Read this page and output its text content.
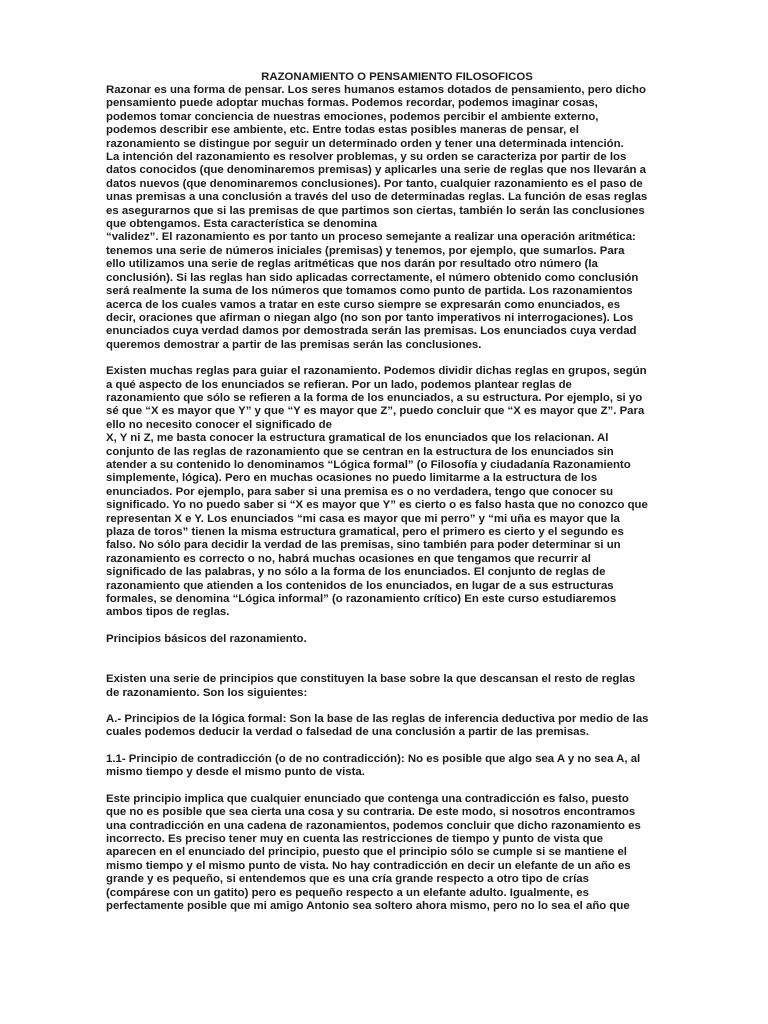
RAZONAMIENTO O PENSAMIENTO FILOSOFICOS

Razonar es una forma de pensar. Los seres humanos estamos dotados de pensamiento, pero dicho
pensamiento puede adoptar muchas formas. Podemos recordar, podemos imaginar cosas,
podemos tomar conciencia de nuestras emociones, podemos percibir el ambiente externo,
podemos describir ese ambiente, etc. Entre todas estas posibles maneras de pensar, el
razonamiento se distingue por seguir un determinado orden y tener una determinada intención.
La intención del razonamiento es resolver problemas, y su orden se caracteriza por partir de los
datos conocidos (que denominaremos premisas) y aplicarles una serie de reglas que nos llevarán a
datos nuevos (que denominaremos conclusiones). Por tanto, cualquier razonamiento es el paso de
unas premisas a una conclusión a través del uso de determinadas reglas. La función de esas reglas
es asegurarnos que si las premisas de que partimos son ciertas, también lo serán las conclusiones
que obtengamos. Esta característica se denomina
“validez”. El razonamiento es por tanto un proceso semejante a realizar una operación aritmética:
tenemos una serie de números iniciales (premisas) y tenemos, por ejemplo, que sumarlos. Para
ello utilizamos una serie de reglas aritméticas que nos darán por resultado otro número (la
conclusión). Si las reglas han sido aplicadas correctamente, el número obtenido como conclusión
será realmente la suma de los números que tomamos como punto de partida. Los razonamientos
acerca de los cuales vamos a tratar en este curso siempre se expresarán como enunciados, es
decir, oraciones que afirman o niegan algo (no son por tanto imperativos ni interrogaciones). Los
enunciados cuya verdad damos por demostrada serán las premisas. Los enunciados cuya verdad
queremos demostrar a partir de las premisas serán las conclusiones.

Existen muchas reglas para guiar el razonamiento. Podemos dividir dichas reglas en grupos, según
a qué aspecto de los enunciados se refieran. Por un lado, podemos plantear reglas de
razonamiento que sólo se refieren a la forma de los enunciados, a su estructura. Por ejemplo, si yo
sé que “X es mayor que Y” y que “Y es mayor que Z”, puedo concluir que “X es mayor que Z”. Para
ello no necesito conocer el significado de
X, Y ni Z, me basta conocer la estructura gramatical de los enunciados que los relacionan. Al
conjunto de las reglas de razonamiento que se centran en la estructura de los enunciados sin
atender a su contenido lo denominamos “Lógica formal” (o Filosofía y ciudadanía Razonamiento
simplemente, lógica). Pero en muchas ocasiones no puedo limitarme a la estructura de los
enunciados. Por ejemplo, para saber si una premisa es o no verdadera, tengo que conocer su
significado. Yo no puedo saber si “X es mayor que Y” es cierto o es falso hasta que no conozco que
representan X e Y. Los enunciados “mi casa es mayor que mi perro” y “mi uña es mayor que la
plaza de toros” tienen la misma estructura gramatical, pero el primero es cierto y el segundo es
falso. No sólo para decidir la verdad de las premisas, sino también para poder determinar si un
razonamiento es correcto o no, habrá muchas ocasiones en que tengamos que recurrir al
significado de las palabras, y no sólo a la forma de los enunciados. El conjunto de reglas de
razonamiento que atienden a los contenidos de los enunciados, en lugar de a sus estructuras
formales, se denomina “Lógica informal” (o razonamiento crítico) En este curso estudiaremos
ambos tipos de reglas.

Principios básicos del razonamiento.

Existen una serie de principios que constituyen la base sobre la que descansan el resto de reglas
de razonamiento. Son los siguientes:

A.- Principios de la lógica formal: Son la base de las reglas de inferencia deductiva por medio de las
cuales podemos deducir la verdad o falsedad de una conclusión a partir de las premisas.

1.1- Principio de contradicción (o de no contradicción): No es posible que algo sea A y no sea A, al
mismo tiempo y desde el mismo punto de vista.

Este principio implica que cualquier enunciado que contenga una contradicción es falso, puesto
que no es posible que sea cierta una cosa y su contraria. De este modo, si nosotros encontramos
una contradicción en una cadena de razonamientos, podemos concluir que dicho razonamiento es
incorrecto. Es preciso tener muy en cuenta las restricciones de tiempo y punto de vista que
aparecen en el enunciado del principio, puesto que el principio sólo se cumple si se mantiene el
mismo tiempo y el mismo punto de vista. No hay contradicción en decir un elefante de un año es
grande y es pequeño, si entendemos que es una cría grande respecto a otro tipo de crías
(compárese con un gatito) pero es pequeño respecto a un elefante adulto. Igualmente, es
perfectamente posible que mi amigo Antonio sea soltero ahora mismo, pero no lo sea el año que
